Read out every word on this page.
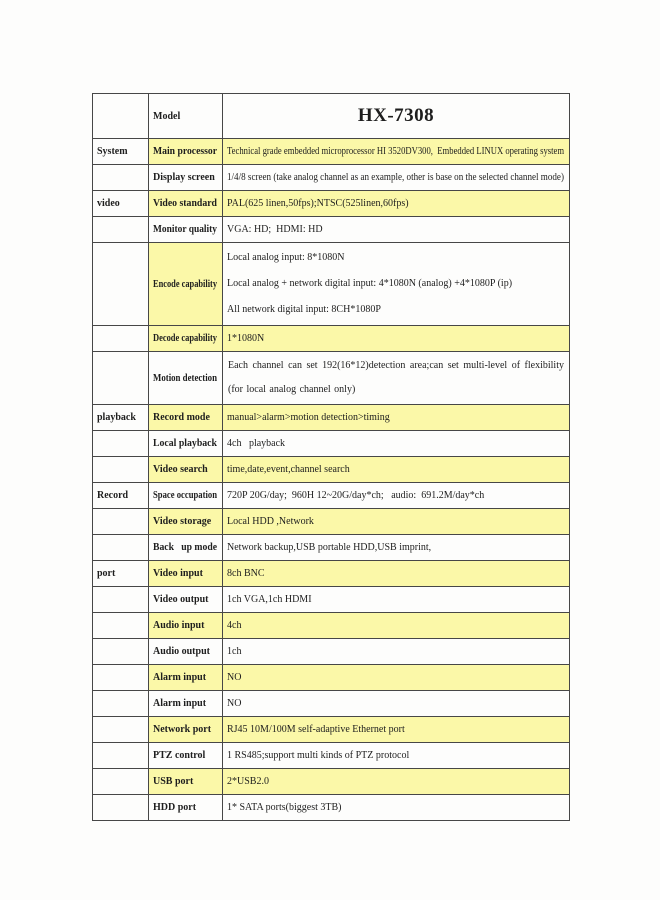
	Model	HX-7308

System	Main processor	Technical grade embedded microprocessor HI 3520DV300,  Embedded LINUX operating system

	Display screen	1/4/8 screen (take analog channel as an example, other is base on the selected channel mode)

video	Video standard	PAL(625 linen,50fps);NTSC(525linen,60fps)

	Monitor quality	VGA: HD;  HDMI: HD

	Encode capability	Local analog input: 8*1080N
Local analog + network digital input: 4*1080N (analog) +4*1080P (ip)
All network digital input: 8CH*1080P

	Decode capability	1*1080N

	Motion detection	Each channel can set 192(16*12)detection area;can set multi-level of flexibility (for local analog channel only)

playback	Record mode	manual>alarm>motion detection>timing

	Local playback	4ch   playback

	Video search	time,date,event,channel search

Record	Space occupation	720P 20G/day;  960H 12~20G/day*ch;   audio:  691.2M/day*ch

	Video storage	Local HDD ,Network

	Back   up mode	Network backup,USB portable HDD,USB imprint,

port	Video input	8ch BNC

	Video output	1ch VGA,1ch HDMI

	Audio input	4ch

	Audio output	1ch

	Alarm input	NO

	Alarm input	NO

	Network port	RJ45 10M/100M self-adaptive Ethernet port

	PTZ control	1 RS485;support multi kinds of PTZ protocol

	USB port	2*USB2.0

	HDD port	1* SATA ports(biggest 3TB)
